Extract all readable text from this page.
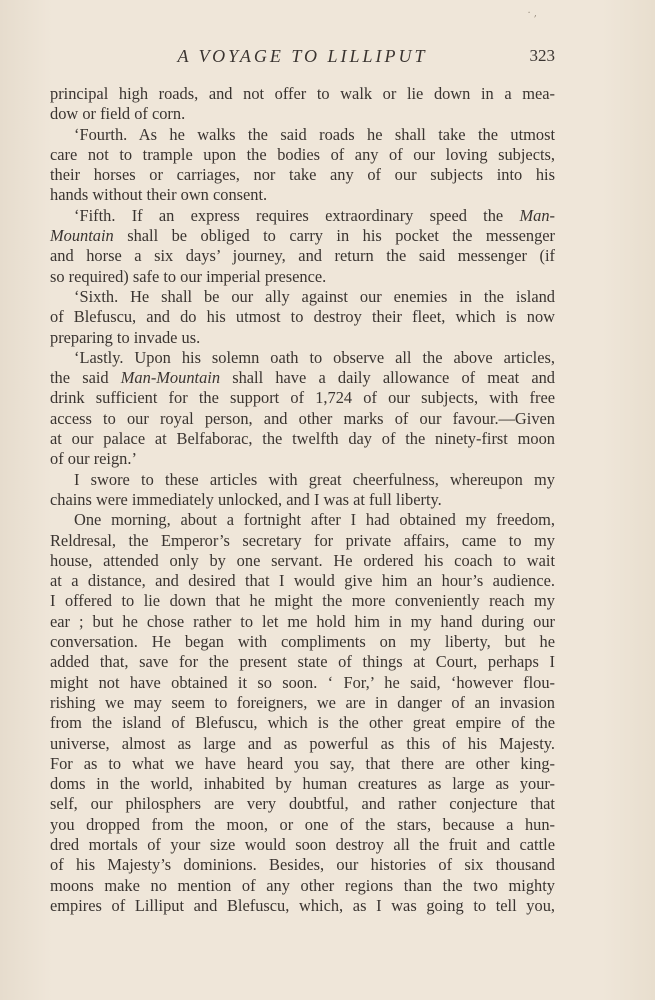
· ,
A VOYAGE TO LILLIPUT	323
principal high roads, and not offer to walk or lie down in a mea-
dow or field of corn.
‘Fourth. As he walks the said roads he shall take the utmost
care not to trample upon the bodies of any of our loving subjects,
their horses or carriages, nor take any of our subjects into his
hands without their own consent.
‘Fifth. If an express requires extraordinary speed the Man-
Mountain shall be obliged to carry in his pocket the messenger
and horse a six days’ journey, and return the said messenger (if
so required) safe to our imperial presence.
‘Sixth. He shall be our ally against our enemies in the island
of Blefuscu, and do his utmost to destroy their fleet, which is now
preparing to invade us.
‘Lastly. Upon his solemn oath to observe all the above articles,
the said Man-Mountain shall have a daily allowance of meat and
drink sufficient for the support of 1,724 of our subjects, with free
access to our royal person, and other marks of our favour.—Given
at our palace at Belfaborac, the twelfth day of the ninety-first moon
of our reign.’
I swore to these articles with great cheerfulness, whereupon my
chains were immediately unlocked, and I was at full liberty.
One morning, about a fortnight after I had obtained my freedom,
Reldresal, the Emperor’s secretary for private affairs, came to my
house, attended only by one servant. He ordered his coach to wait
at a distance, and desired that I would give him an hour’s audience.
I offered to lie down that he might the more conveniently reach my
ear ; but he chose rather to let me hold him in my hand during our
conversation. He began with compliments on my liberty, but he
added that, save for the present state of things at Court, perhaps I
might not have obtained it so soon. ‘ For,’ he said, ‘however flou-
rishing we may seem to foreigners, we are in danger of an invasion
from the island of Blefuscu, which is the other great empire of the
universe, almost as large and as powerful as this of his Majesty.
For as to what we have heard you say, that there are other king-
doms in the world, inhabited by human creatures as large as your-
self, our philosphers are very doubtful, and rather conjecture that
you dropped from the moon, or one of the stars, because a hun-
dred mortals of your size would soon destroy all the fruit and cattle
of his Majesty’s dominions. Besides, our histories of six thousand
moons make no mention of any other regions than the two mighty
empires of Lilliput and Blefuscu, which, as I was going to tell you,
